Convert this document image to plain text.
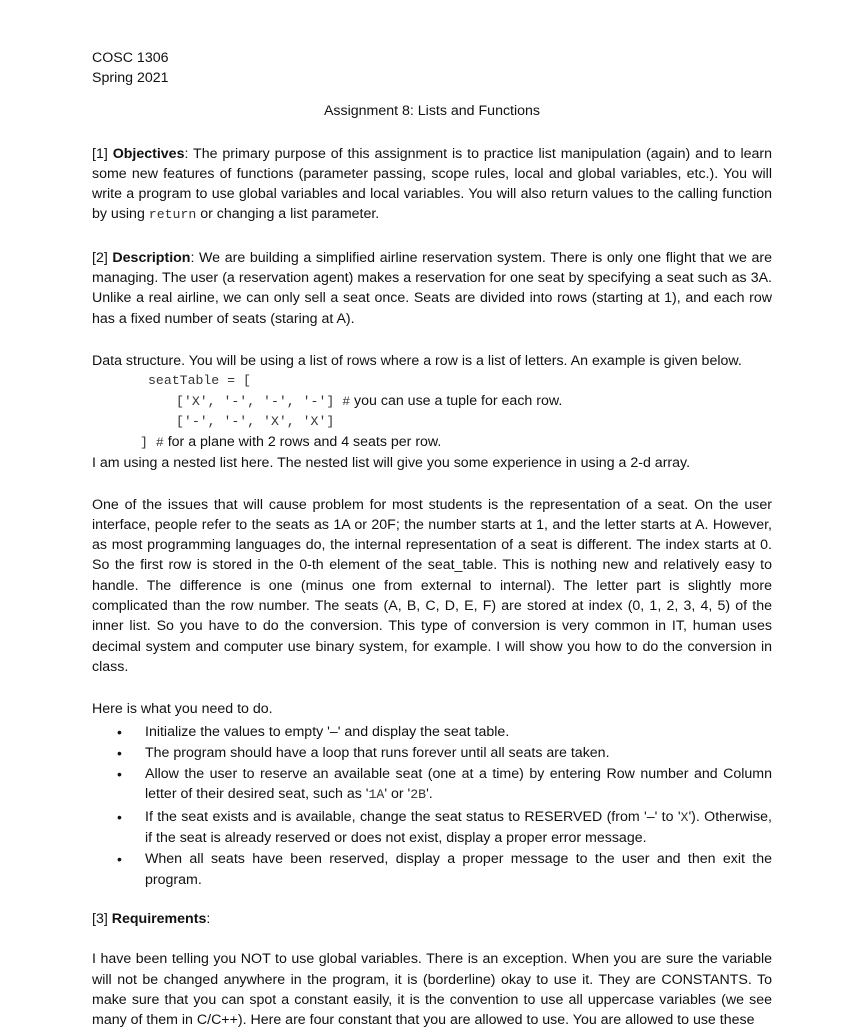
COSC 1306
Spring 2021
Assignment 8: Lists and Functions

[1] Objectives: The primary purpose of this assignment is to practice list manipulation (again) and to learn some new features of functions (parameter passing, scope rules, local and global variables, etc.). You will write a program to use global variables and local variables. You will also return values to the calling function by using return or changing a list parameter.

[2] Description: We are building a simplified airline reservation system. There is only one flight that we are managing. The user (a reservation agent) makes a reservation for one seat by specifying a seat such as 3A. Unlike a real airline, we can only sell a seat once. Seats are divided into rows (starting at 1), and each row has a fixed number of seats (staring at A).

Data structure. You will be using a list of rows where a row is a list of letters. An example is given below.

seatTable = [
['X', '-', '-', '-'] # you can use a tuple for each row.
['-', '-', 'X', 'X']
] # for a plane with 2 rows and 4 seats per row.

I am using a nested list here. The nested list will give you some experience in using a 2-d array.

One of the issues that will cause problem for most students is the representation of a seat. On the user interface, people refer to the seats as 1A or 20F; the number starts at 1, and the letter starts at A. However, as most programming languages do, the internal representation of a seat is different. The index starts at 0. So the first row is stored in the 0-th element of the seat_table. This is nothing new and relatively easy to handle. The difference is one (minus one from external to internal). The letter part is slightly more complicated than the row number. The seats (A, B, C, D, E, F) are stored at index (0, 1, 2, 3, 4, 5) of the inner list. So you have to do the conversion. This type of conversion is very common in IT, human uses decimal system and computer use binary system, for example. I will show you how to do the conversion in class.

Here is what you need to do.

• Initialize the values to empty '–' and display the seat table.
• The program should have a loop that runs forever until all seats are taken.
• Allow the user to reserve an available seat (one at a time) by entering Row number and Column letter of their desired seat, such as '1A' or '2B'.
• If the seat exists and is available, change the seat status to RESERVED (from '–' to 'X'). Otherwise, if the seat is already reserved or does not exist, display a proper error message.
• When all seats have been reserved, display a proper message to the user and then exit the program.

[3] Requirements:

I have been telling you NOT to use global variables. There is an exception. When you are sure the variable will not be changed anywhere in the program, it is (borderline) okay to use it. They are CONSTANTS. To make sure that you can spot a constant easily, it is the convention to use all uppercase variables (we see many of them in C/C++). Here are four constant that you are allowed to use. You are allowed to use these
